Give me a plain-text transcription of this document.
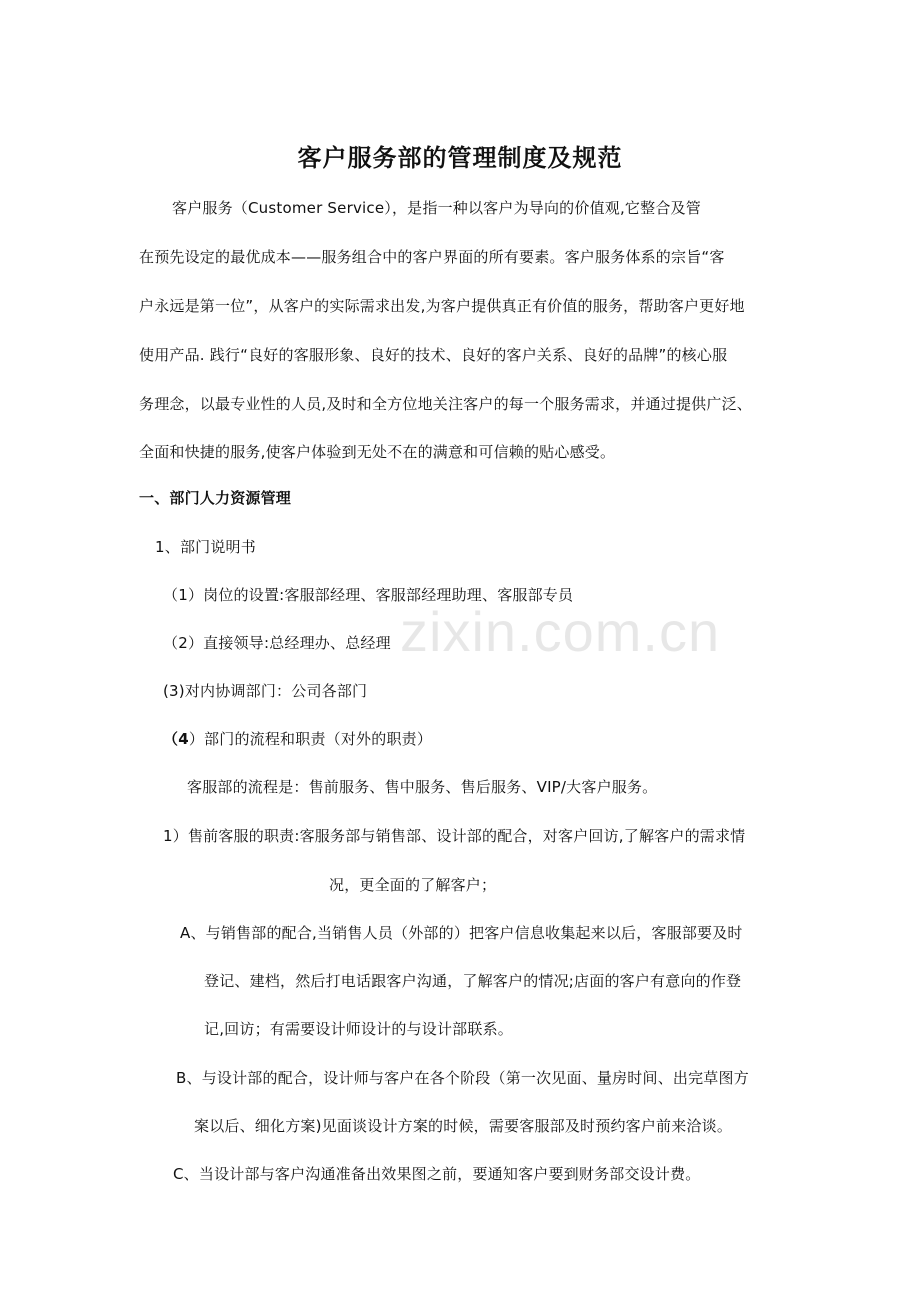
zixin.com.cn
客户服务部的管理制度及规范
客户服务（Customer Service），是指一种以客户为导向的价值观,它整合及管
在预先设定的最优成本——服务组合中的客户界面的所有要素。客户服务体系的宗旨“客
户永远是第一位”，从客户的实际需求出发,为客户提供真正有价值的服务，帮助客户更好地
使用产品. 践行“良好的客服形象、良好的技术、良好的客户关系、良好的品牌”的核心服
务理念，以最专业性的人员,及时和全方位地关注客户的每一个服务需求，并通过提供广泛、
全面和快捷的服务,使客户体验到无处不在的满意和可信赖的贴心感受。
一、部门人力资源管理
1、部门说明书
（1）岗位的设置:客服部经理、客服部经理助理、客服部专员
（2）直接领导:总经理办、总经理
(3)对内协调部门：公司各部门
（4）部门的流程和职责（对外的职责）
客服部的流程是：售前服务、售中服务、售后服务、VIP/大客户服务。
1）售前客服的职责:客服务部与销售部、设计部的配合，对客户回访,了解客户的需求情
况，更全面的了解客户；
A、与销售部的配合,当销售人员（外部的）把客户信息收集起来以后，客服部要及时
登记、建档，然后打电话跟客户沟通，了解客户的情况;店面的客户有意向的作登
记,回访；有需要设计师设计的与设计部联系。
B、与设计部的配合，设计师与客户在各个阶段（第一次见面、量房时间、出完草图方
案以后、细化方案)见面谈设计方案的时候，需要客服部及时预约客户前来洽谈。
C、当设计部与客户沟通准备出效果图之前，要通知客户要到财务部交设计费。
